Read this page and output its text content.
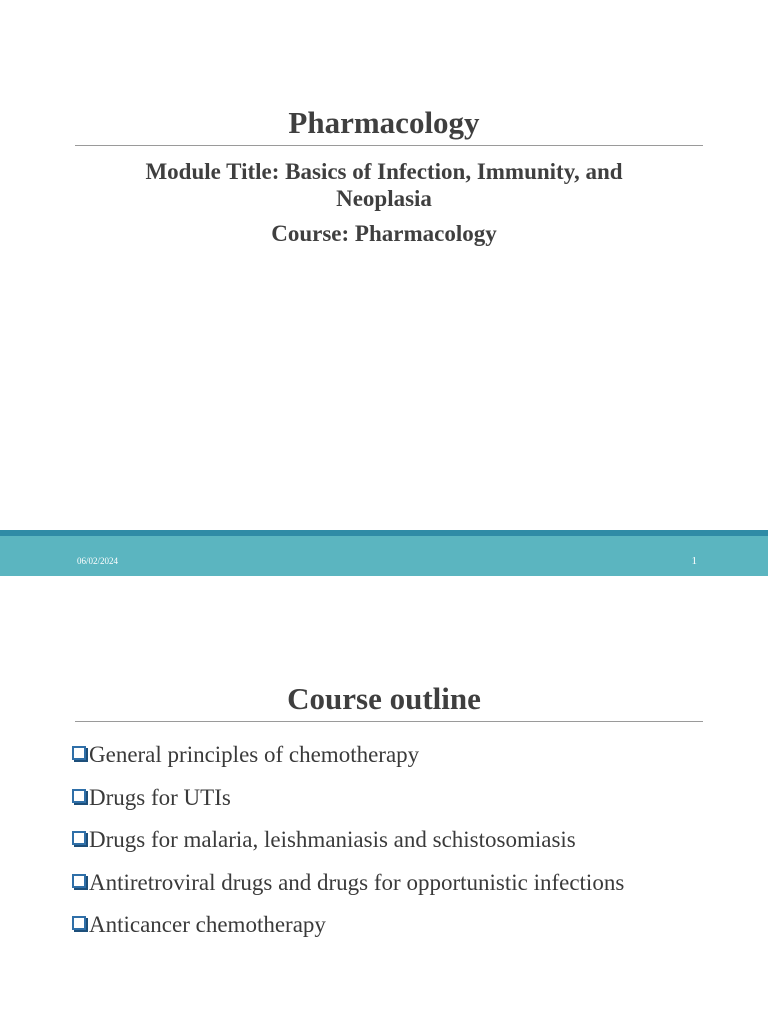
Pharmacology
Module Title: Basics of Infection, Immunity, and
Neoplasia
Course: Pharmacology
06/02/2024	1
Course outline
General principles of chemotherapy
Drugs for UTIs
Drugs for malaria, leishmaniasis and schistosomiasis
Antiretroviral drugs and drugs for opportunistic infections
Anticancer chemotherapy
